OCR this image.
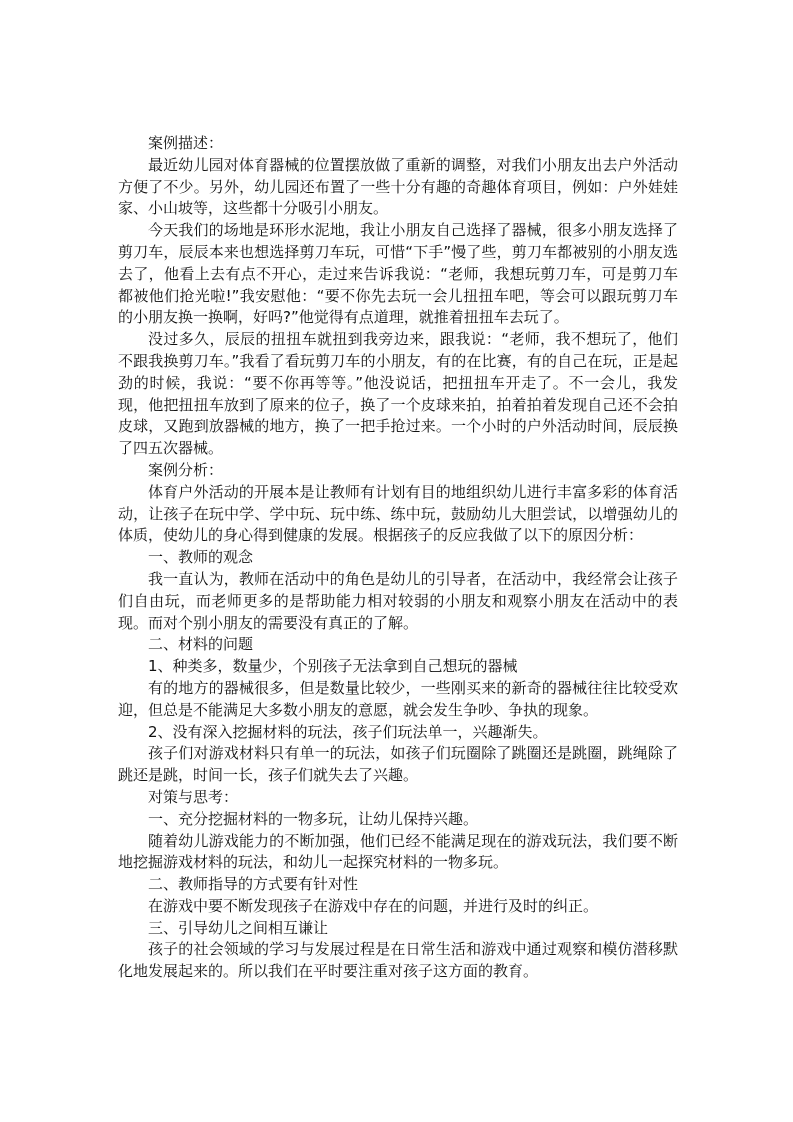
案例描述：

最近幼儿园对体育器械的位置摆放做了重新的调整，对我们小朋友出去户外活动方便了不少。另外，幼儿园还布置了一些十分有趣的奇趣体育项目，例如：户外娃娃家、小山坡等，这些都十分吸引小朋友。

今天我们的场地是环形水泥地，我让小朋友自己选择了器械，很多小朋友选择了剪刀车，辰辰本来也想选择剪刀车玩，可惜“下手”慢了些，剪刀车都被别的小朋友选去了，他看上去有点不开心，走过来告诉我说：“老师，我想玩剪刀车，可是剪刀车都被他们抢光啦!”我安慰他：“要不你先去玩一会儿扭扭车吧，等会可以跟玩剪刀车的小朋友换一换啊，好吗?”他觉得有点道理，就推着扭扭车去玩了。

没过多久，辰辰的扭扭车就扭到我旁边来，跟我说：“老师，我不想玩了，他们不跟我换剪刀车。”我看了看玩剪刀车的小朋友，有的在比赛，有的自己在玩，正是起劲的时候，我说：“要不你再等等。”他没说话，把扭扭车开走了。不一会儿，我发现，他把扭扭车放到了原来的位子，换了一个皮球来拍，拍着拍着发现自己还不会拍皮球，又跑到放器械的地方，换了一把手抢过来。一个小时的户外活动时间，辰辰换了四五次器械。

案例分析：

体育户外活动的开展本是让教师有计划有目的地组织幼儿进行丰富多彩的体育活动，让孩子在玩中学、学中玩、玩中练、练中玩，鼓励幼儿大胆尝试，以增强幼儿的体质，使幼儿的身心得到健康的发展。根据孩子的反应我做了以下的原因分析：

一、教师的观念

我一直认为，教师在活动中的角色是幼儿的引导者，在活动中，我经常会让孩子们自由玩，而老师更多的是帮助能力相对较弱的小朋友和观察小朋友在活动中的表现。而对个别小朋友的需要没有真正的了解。

二、材料的问题

1、种类多，数量少，个别孩子无法拿到自己想玩的器械

有的地方的器械很多，但是数量比较少，一些刚买来的新奇的器械往往比较受欢迎，但总是不能满足大多数小朋友的意愿，就会发生争吵、争执的现象。

2、没有深入挖掘材料的玩法，孩子们玩法单一，兴趣渐失。

孩子们对游戏材料只有单一的玩法，如孩子们玩圈除了跳圈还是跳圈，跳绳除了跳还是跳，时间一长，孩子们就失去了兴趣。

对策与思考：

一、充分挖掘材料的一物多玩，让幼儿保持兴趣。

随着幼儿游戏能力的不断加强，他们已经不能满足现在的游戏玩法，我们要不断地挖掘游戏材料的玩法，和幼儿一起探究材料的一物多玩。

二、教师指导的方式要有针对性

在游戏中要不断发现孩子在游戏中存在的问题，并进行及时的纠正。

三、引导幼儿之间相互谦让

孩子的社会领域的学习与发展过程是在日常生活和游戏中通过观察和模仿潜移默化地发展起来的。所以我们在平时要注重对孩子这方面的教育。
